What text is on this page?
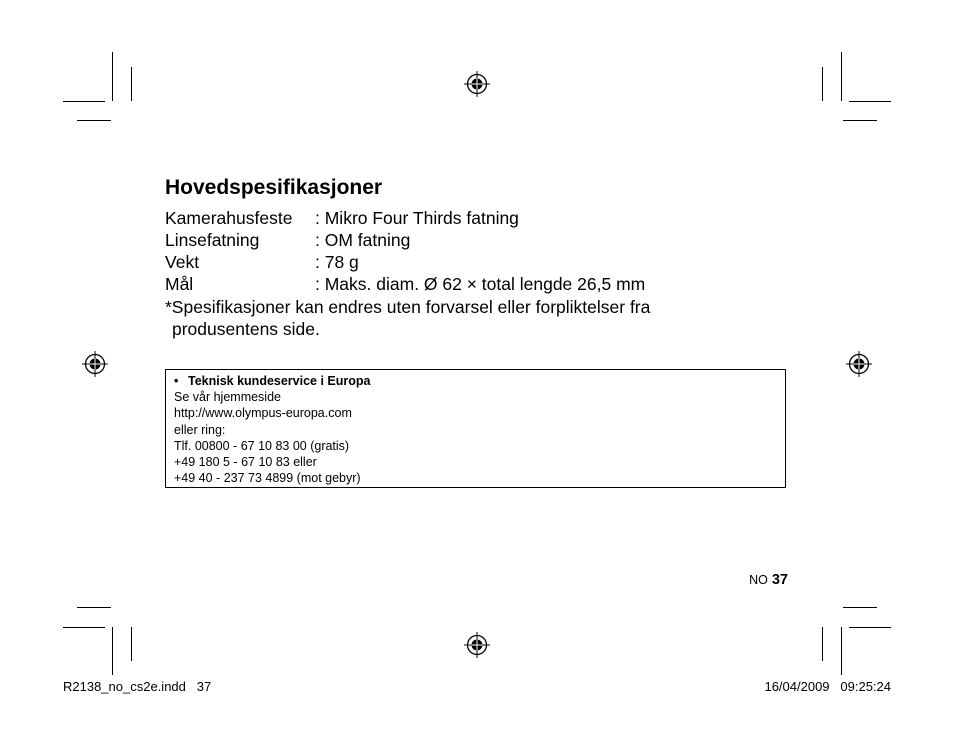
Hovedspesifikasjoner
Kamerahusfeste : Mikro Four Thirds fatning
Linsefatning	: OM fatning
Vekt	: 78 g
Mål	: Maks. diam. Ø 62 × total lengde 26,5 mm
*Spesifikasjoner kan endres uten forvarsel eller forpliktelser fra
produsentens side.
• Teknisk kundeservice i Europa
Se vår hjemmeside
http://www.olympus-europa.com
eller ring:
Tlf. 00800 - 67 10 83 00 (gratis)
+49 180 5 - 67 10 83 eller
+49 40 - 237 73 4899 (mot gebyr)
NO 37
R2138_no_cs2e.indd 37	16/04/2009 09:25:24
